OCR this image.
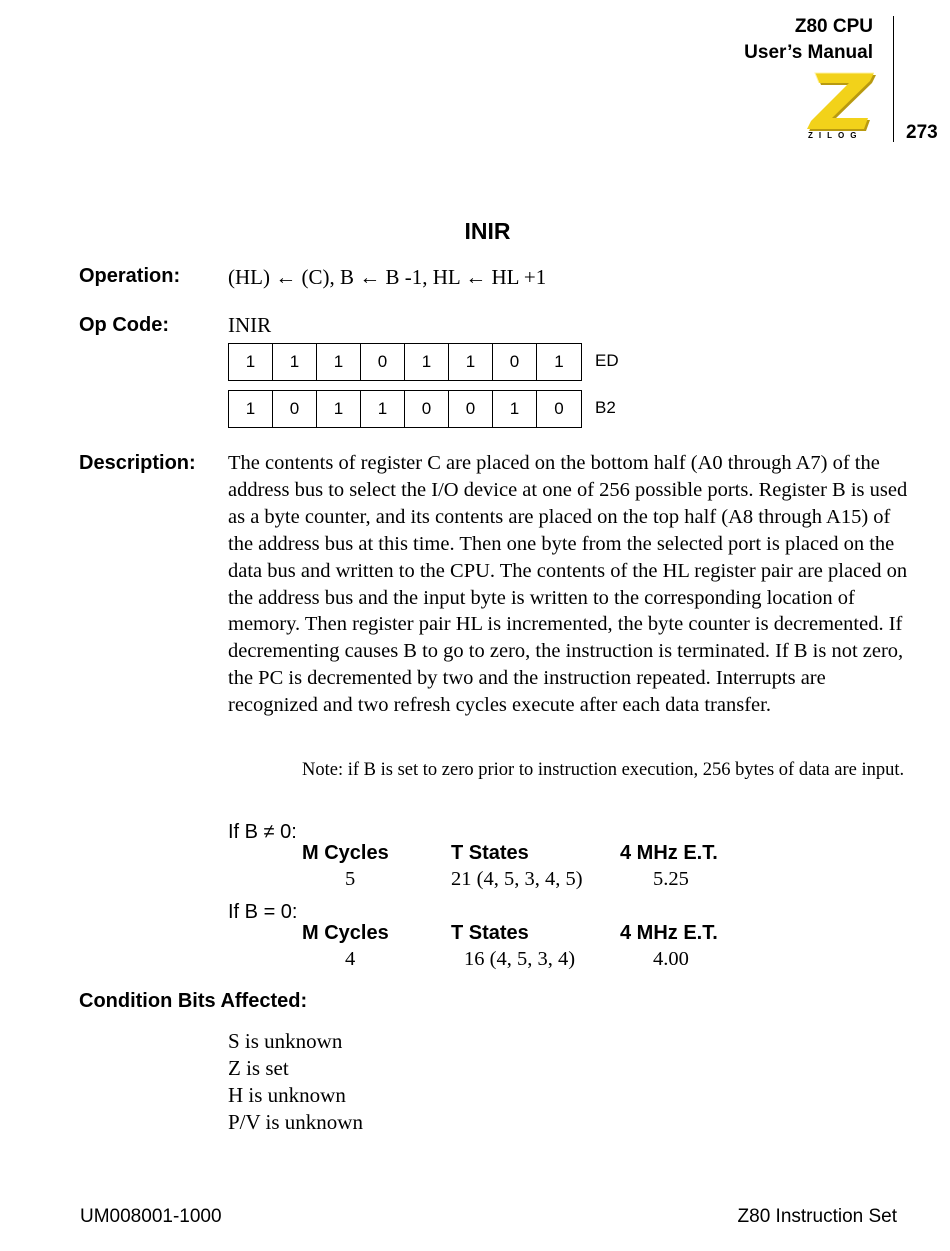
Z80 CPU
User’s Manual
273
ZILOG
INIR
Operation: (HL) ← (C), B ← B -1, HL ← HL +1
Op Code:	INIR
1	1	1	0	1	1	0	1	ED
1	0	1	1	0	0	1	0	B2
Description: The contents of register C are placed on the bottom half (A0 through A7) of the address bus to select the I/O device at one of 256 possible ports. Register B is used as a byte counter, and its contents are placed on the top half (A8 through A15) of the address bus at this time. Then one byte from the selected port is placed on the data bus and written to the CPU. The contents of the HL register pair are placed on the address bus and the input byte is written to the corresponding location of memory. Then register pair HL is incremented, the byte counter is decremented. If decrementing causes B to go to zero, the instruction is terminated. If B is not zero, the PC is decremented by two and the instruction repeated. Interrupts are recognized and two refresh cycles execute after each data transfer.
Note: if B is set to zero prior to instruction execution, 256 bytes of data are input.
If B ≠ 0:
M Cycles	T States	4 MHz E.T.
5	21 (4, 5, 3, 4, 5)	5.25
If B = 0:
M Cycles	T States	4 MHz E.T.
4	16 (4, 5, 3, 4)	4.00
Condition Bits Affected:
S is unknown
Z is set
H is unknown
P/V is unknown
UM008001-1000	Z80 Instruction Set
